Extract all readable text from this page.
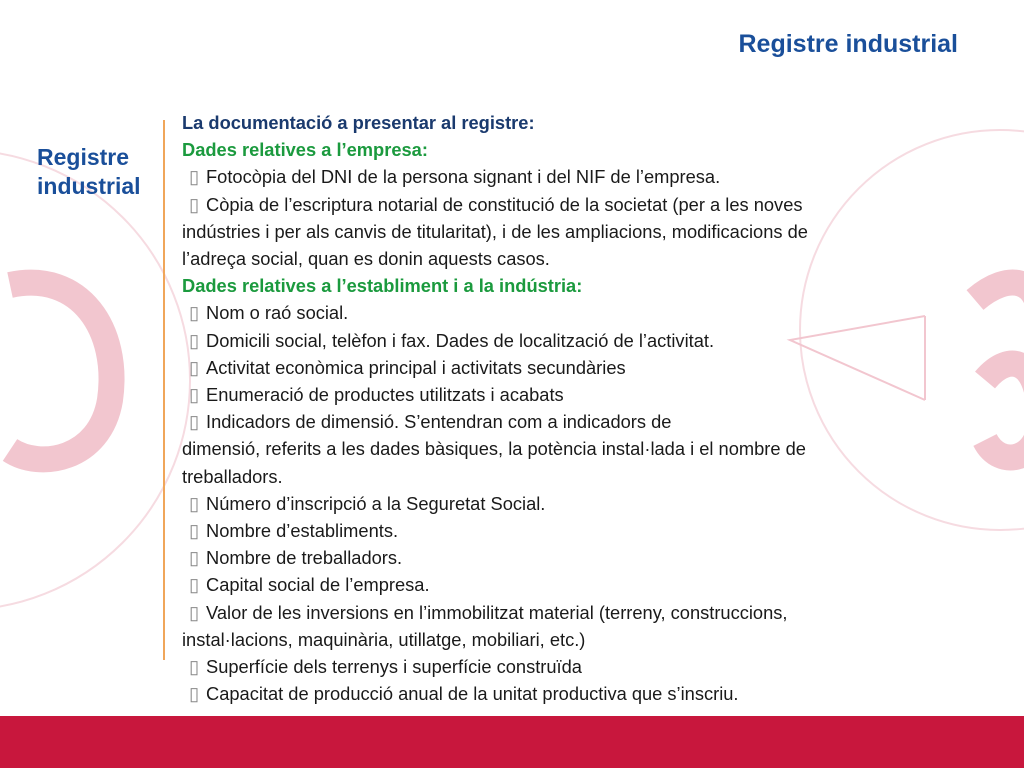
Registre industrial
Registre
industrial
La documentació a presentar al registre:
Dades relatives a l’empresa:
▯ Fotocòpia del DNI de la persona signant i del NIF de l’empresa.
▯ Còpia de l’escriptura notarial de constitució de la societat (per a les noves
indústries i per als canvis de titularitat), i de les ampliacions, modificacions de
l’adreça social, quan es donin aquests casos.
Dades relatives a l’establiment i a la indústria:
▯ Nom o raó social.
▯ Domicili social, telèfon i fax. Dades de localització de l’activitat.
▯ Activitat econòmica principal i activitats secundàries
▯ Enumeració de productes utilitzats i acabats
▯ Indicadors de dimensió. S’entendran com a indicadors de
dimensió, referits a les dades bàsiques, la potència instal·lada i el nombre de
treballadors.
▯ Número d’inscripció a la Seguretat Social.
▯ Nombre d’establiments.
▯ Nombre de treballadors.
▯ Capital social de l’empresa.
▯ Valor de les inversions en l’immobilitzat material (terreny, construccions,
instal·lacions, maquinària, utillatge, mobiliari, etc.)
▯ Superfície dels terrenys i superfície construïda
▯ Capacitat de producció anual de la unitat productiva que s’inscriu.
